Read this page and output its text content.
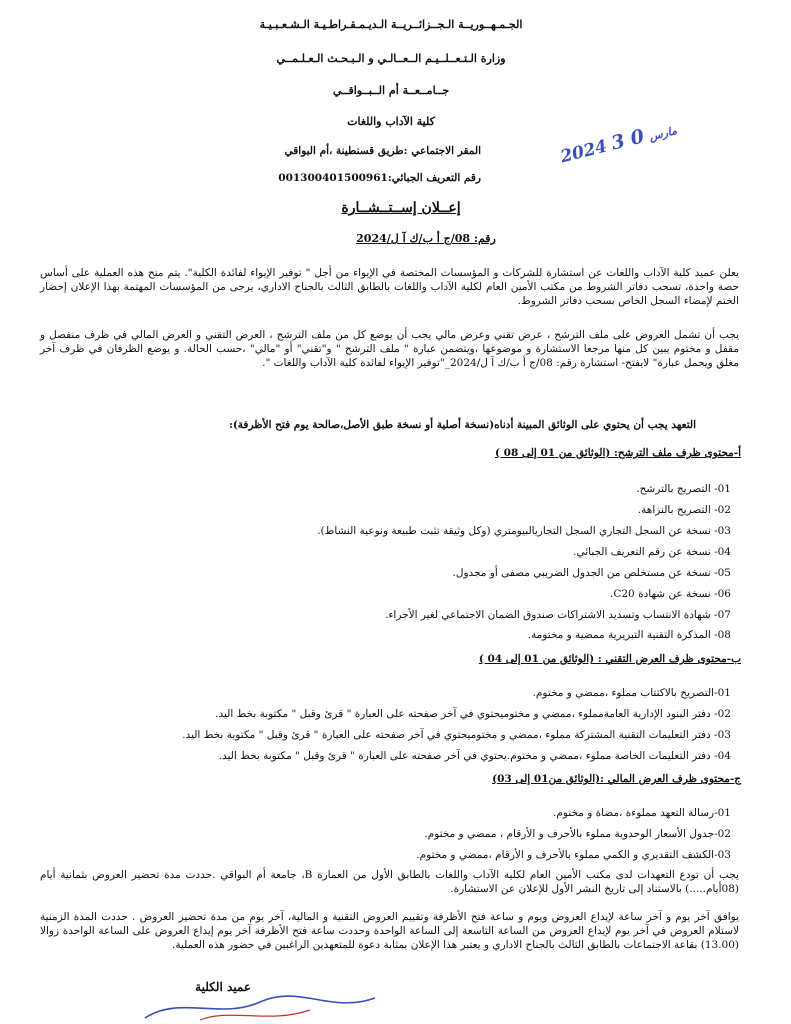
الجـمـهــوريــة الـجــزائــريــة الـديـمـقـراطـيـة الـشـعـبـيـة
وزارة الـتـعــلــيـم الــعــالـي و الـبـحـث الـعـلـمــي
جــامــعــة أم الــبــواقــي
كلية الآداب واللغات
المقر الاجتماعي :طريق قسنطينة ،أم البواقي
رقم التعريف الجبائي:001300401500961
2024 مارس 0 3
إعــلان إســتــشــارة
رقم: 08/ج أ ب/ك آ ل/2024
يعلن عميد كلية الآداب واللغات عن استشارة للشركات و المؤسسات المختصة في الإيواء من أجل " توفير الإيواء لفائدة الكلية". يتم منح هذه العملية على أساس حصة واحدة، تسحب دفاتر الشروط من مكتب الأمين العام لكلية الآداب واللغات بالطابق الثالث بالجناح الاداري، يرجى من المؤسسات المهتمة بهذا الإعلان إحضار الختم لإمضاء السجل الخاص بسحب دفاتر الشروط.
يجب أن تشمل العروض على ملف الترشح ، عرض تقني وعرض مالي يجب أن يوضع كل من ملف الترشح ، العرض التقني و العرض المالي في ظرف منفصل و مقفل و مختوم يبين كل منها مرجعا الاستشارة و موضوعها ،ويتضمن عبارة " ملف الترشح " و"تقني" أو "مالي" ،حسب الحالة. و يوضع الظرفان في ظرف آخر مغلق ويحمل عبارة" لايفتح- استشارة رقم: 08/ج أ ب/ك آ ل/2024_"توفير الإيواء لفائدة كلية الآداب واللغات ".
التعهد يجب أن يحتوي على الوثائق المبينة أدناه(نسخة أصلية أو نسخة طبق الأصل،صالحة يوم فتح الأظرفة):
أ-محتوى ظرف ملف الترشح: (الوثائق من 01 إلى 08 )
01- التصريح بالترشح.
02- التصريح بالنزاهة.
03- نسخة عن السجل التجاري السجل التجاريالبيومتري (وكل وثيقة تثبت طبيعة ونوعية النشاط).
04- نسخة عن رقم التعريف الجبائي.
05- نسخة عن مستخلص من الجدول الضريبي مصفى أو مجدول.
06- نسخة عن شهادة C20.
07- شهادة الانتساب وتسديد الاشتراكات صندوق الضمان الاجتماعي لغير الأجراء.
08- المذكرة التقنية التبريرية ممضية و مختومة.
ب-محتوى ظرف العرض التقني : (الوثائق من 01 إلى 04 )
01-التصريح بالاكتتاب مملوء ،ممضي و مختوم.
02- دفتر البنود الإدارية العامةمملوء ،ممضي و مختوميحتوي في آخر صفحته على العبارة " قرئ وقبل " مكتوبة بخط اليد.
03- دفتر التعليمات التقنية المشتركة مملوء ،ممضي و مختوميحتوي في آخر صفحته على العبارة " قرئ وقبل " مكتوبة بخط اليد.
04- دفتر التعليمات الخاصة مملوء ،ممضي و مختوم.يحتوي في آخر صفحته على العبارة " قرئ وقبل " مكتوبة بخط اليد.
ج-محتوى ظرف العرض المالي :(الوثائق من01 إلى 03)
01-رسالة التعهد مملوءة ،مضاة و مختوم.
02-جدول الأسعار الوحدوية مملوء بالأحرف و الأرقام ، ممضي و مختوم.
03-الكشف التقديري و الكمي مملوء بالأحرف و الأرقام ،ممضي و مختوم.
يجب أن تودع التعهدات لدى مكتب الأمين العام لكلية الآداب واللغات بالطابق الأول من العمارة B، جامعة أم البواقي .حددت مدة تحضير العروض بثمانية أيام (08أيام.....) بالاستناد إلى تاريخ النشر الأول للإعلان عن الاستشارة.
يوافق آخر يوم و آخر ساعة لإيداع العروض ويوم و ساعة فتح الأظرفة وتقييم العروض التقنية و المالية، آخر يوم من مدة تحضير العروض . حددت المدة الزمنية لاستلام العروض في آخر يوم لإيداع العروض من الساعة التاسعة إلى الساعة الواحدة وحددت ساعة فتح الأظرفة آخر يوم إيداع العروض على الساعة الواحدة زوالا (13.00) بقاعة الاجتماعات بالطابق الثالث بالجناح الاداري و يعتبر هذا الإعلان بمثابة دعوة للمتعهدين الراغبين في حضور هذه العملية.
عميد الكلية
